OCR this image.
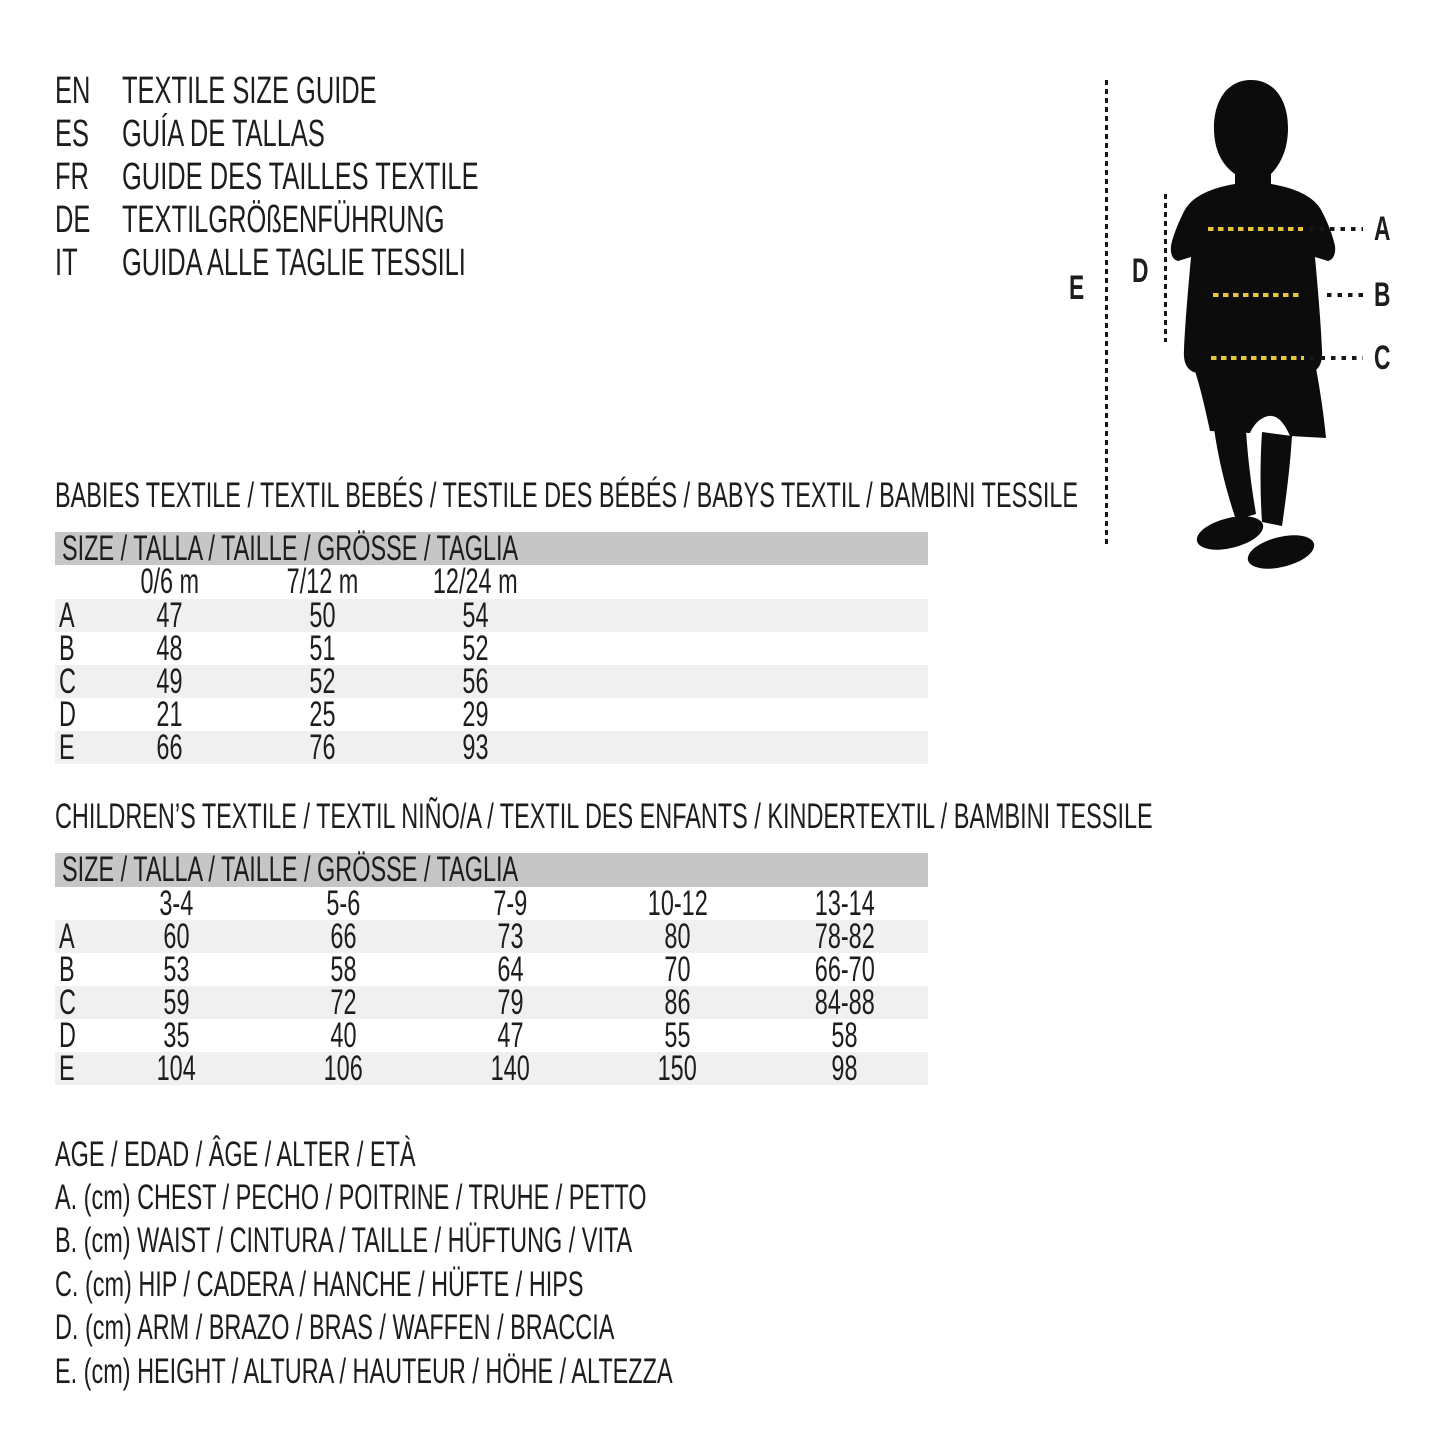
EN TEXTILE SIZE GUIDE
ES GUÍA DE TALLAS
FR GUIDE DES TAILLES TEXTILE
DE TEXTILGRÖßENFÜHRUNG
IT	GUIDA ALLE TAGLIE TESSILI
A
B
C
D
E
BABIES TEXTILE / TEXTIL BEBÉS / TESTILE DES BÉBÉS / BABYS TEXTIL / BAMBINI TESSILE
SIZE / TALLA / TAILLE / GRÖSSE / TAGLIA
0/6 m	7/12 m 12/24 m
A	47	50	54
B	48	51	52
C	49	52	56
D	21	25	29
E	66	76	93
CHILDREN’S TEXTILE / TEXTIL NIÑO/A / TEXTIL DES ENFANTS / KINDERTEXTIL / BAMBINI TESSILE
SIZE / TALLA / TAILLE / GRÖSSE / TAGLIA
3-4	5-6	7-9	10-12	13-14
A	60	66	73	80	78-82
B	53	58	64	70	66-70
C	59	72	79	86	84-88
D	35	40	47	55	58
E	104	106	140	150	98
AGE / EDAD / ÂGE / ALTER / ETÀ
A. (cm) CHEST / PECHO / POITRINE / TRUHE / PETTO
B. (cm) WAIST / CINTURA / TAILLE / HÜFTUNG / VITA
C. (cm) HIP / CADERA / HANCHE / HÜFTE / HIPS
D. (cm) ARM / BRAZO / BRAS / WAFFEN / BRACCIA
E. (cm) HEIGHT / ALTURA / HAUTEUR / HÖHE / ALTEZZA
